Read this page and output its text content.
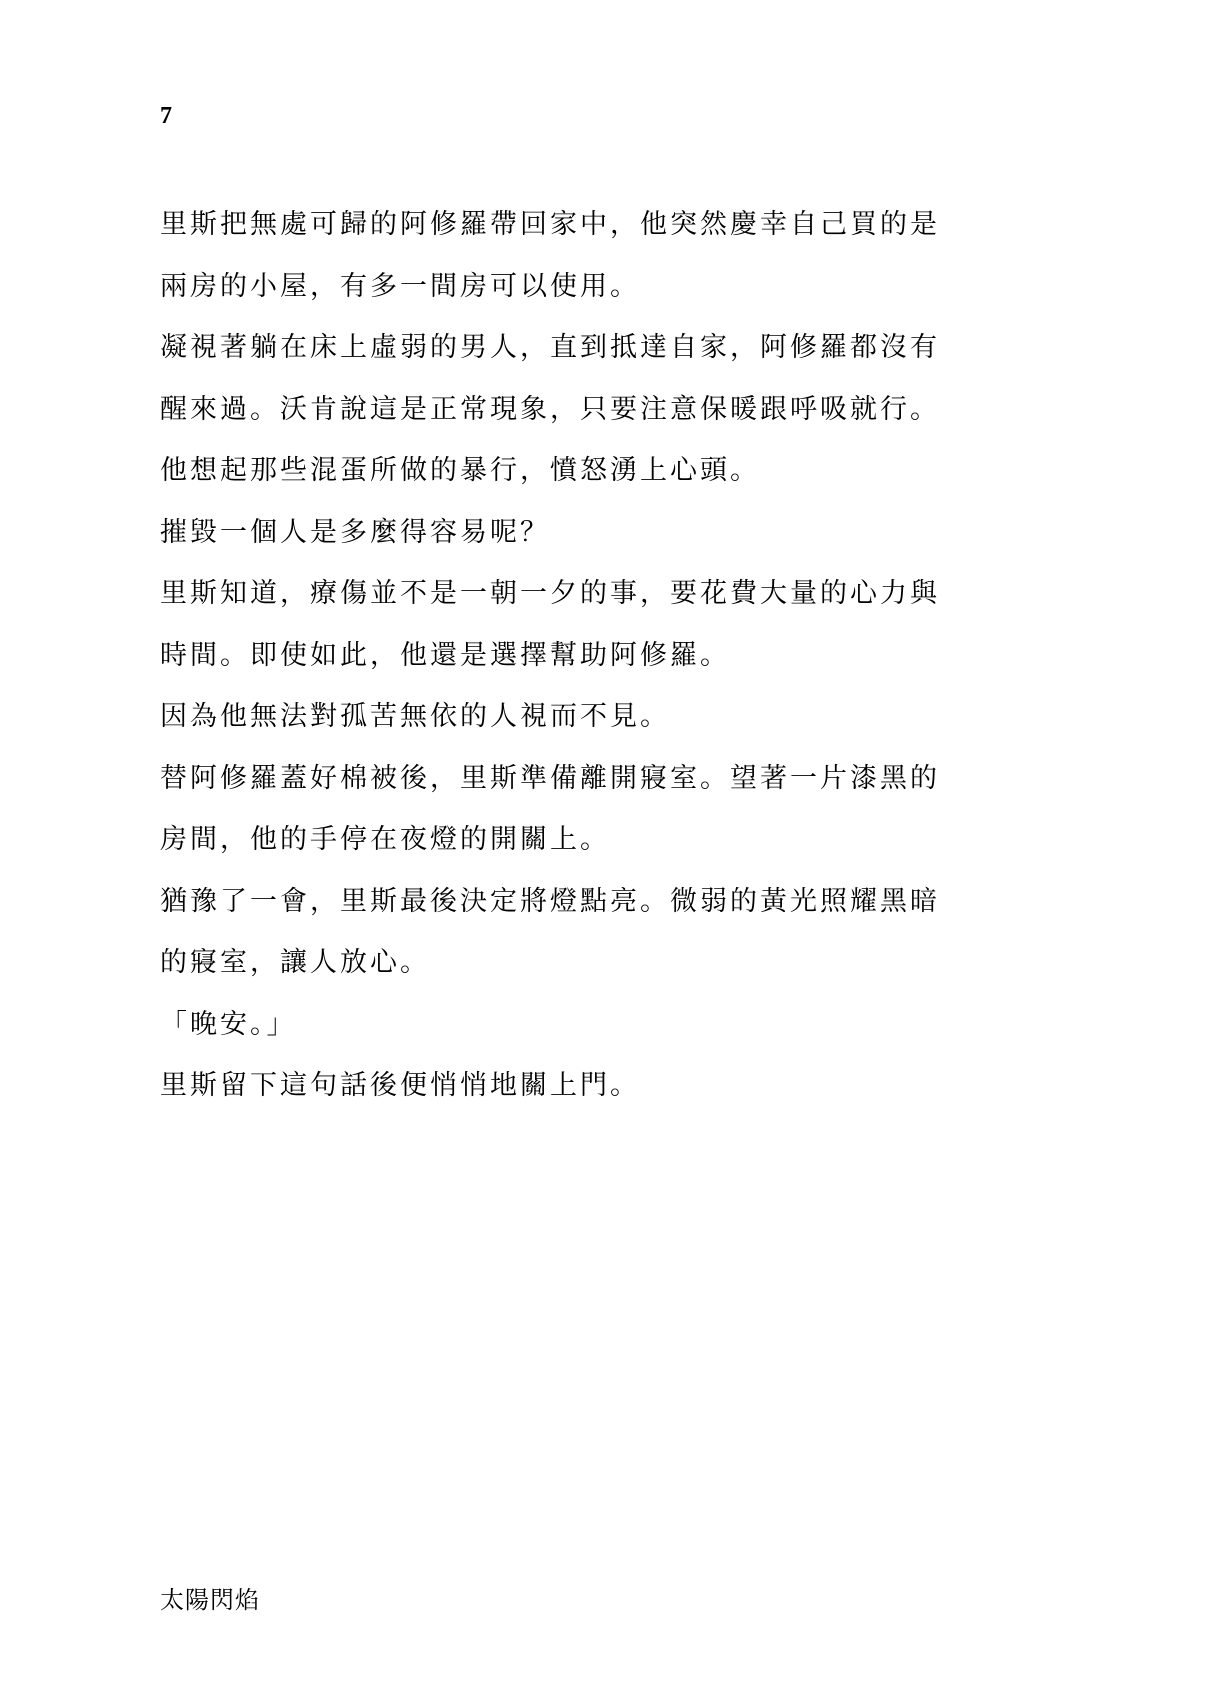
7
里斯把無處可歸的阿修羅帶回家中，他突然慶幸自己買的是
兩房的小屋，有多一間房可以使用。
凝視著躺在床上虛弱的男人，直到抵達自家，阿修羅都沒有
醒來過。沃肯說這是正常現象，只要注意保暖跟呼吸就行。
他想起那些混蛋所做的暴行，憤怒湧上心頭。
摧毀一個人是多麼得容易呢？
里斯知道，療傷並不是一朝一夕的事，要花費大量的心力與
時間。即使如此，他還是選擇幫助阿修羅。
因為他無法對孤苦無依的人視而不見。
替阿修羅蓋好棉被後，里斯準備離開寢室。望著一片漆黑的
房間，他的手停在夜燈的開關上。
猶豫了一會，里斯最後決定將燈點亮。微弱的黃光照耀黑暗
的寢室，讓人放心。
「晚安。」
里斯留下這句話後便悄悄地關上門。
太陽閃焰
